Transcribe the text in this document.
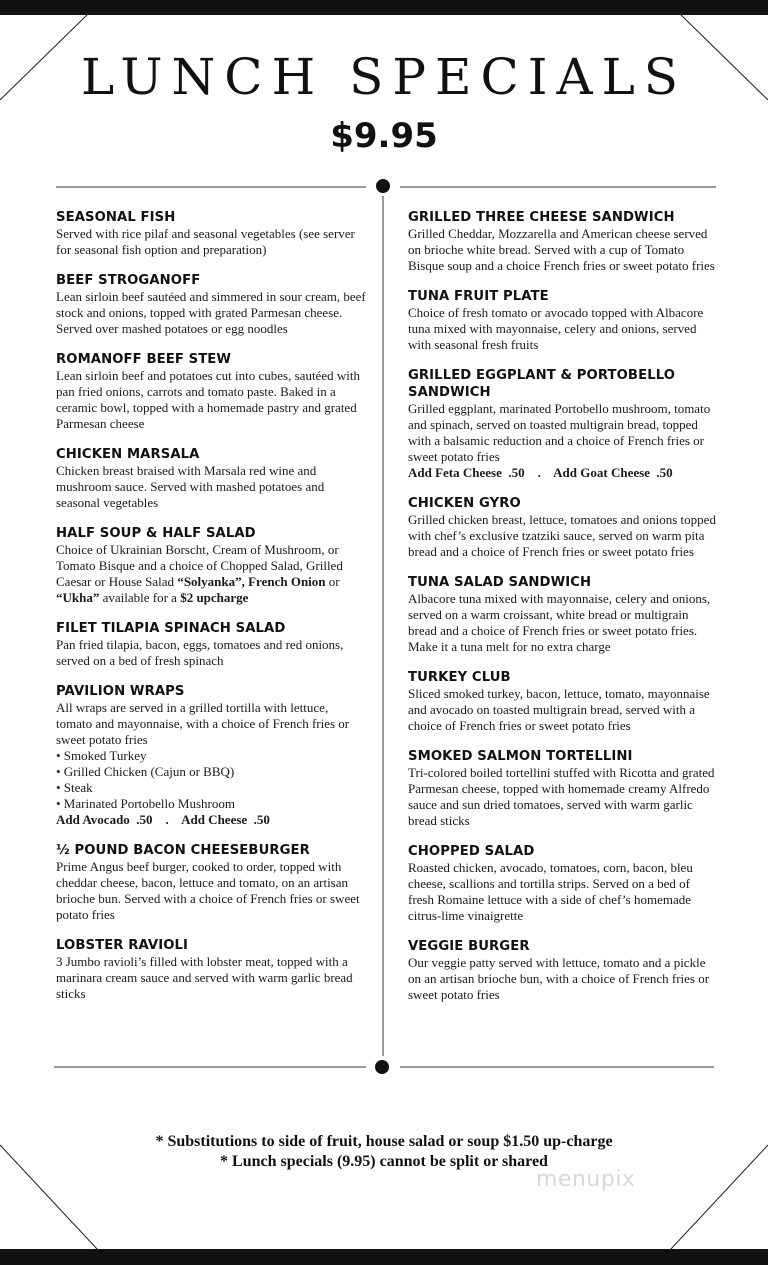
LUNCH SPECIALS
$9.95
SEASONAL FISH
Served with rice pilaf and seasonal vegetables (see server for seasonal fish option and preparation)
BEEF STROGANOFF
Lean sirloin beef sautéed and simmered in sour cream, beef stock and onions, topped with grated Parmesan cheese. Served over mashed potatoes or egg noodles
ROMANOFF BEEF STEW
Lean sirloin beef and potatoes cut into cubes, sautéed with pan fried onions, carrots and tomato paste. Baked in a ceramic bowl, topped with a homemade pastry and grated Parmesan cheese
CHICKEN MARSALA
Chicken breast braised with Marsala red wine and mushroom sauce. Served with mashed potatoes and seasonal vegetables
HALF SOUP & HALF SALAD
Choice of Ukrainian Borscht, Cream of Mushroom, or Tomato Bisque and a choice of Chopped Salad, Grilled Caesar or House Salad “Solyanka”, French Onion or “Ukha” available for a $2 upcharge
FILET TILAPIA SPINACH SALAD
Pan fried tilapia, bacon, eggs, tomatoes and red onions, served on a bed of fresh spinach
PAVILION WRAPS
All wraps are served in a grilled tortilla with lettuce, tomato and mayonnaise, with a choice of French fries or sweet potato fries
• Smoked Turkey
• Grilled Chicken (Cajun or BBQ)
• Steak
• Marinated Portobello Mushroom
Add Avocado  .50    .    Add Cheese  .50
½ POUND BACON CHEESEBURGER
Prime Angus beef burger, cooked to order, topped with cheddar cheese, bacon, lettuce and tomato, on an artisan brioche bun. Served with a choice of French fries or sweet potato fries
LOBSTER RAVIOLI
3 Jumbo ravioli’s filled with lobster meat, topped with a marinara cream sauce and served with warm garlic bread sticks
GRILLED THREE CHEESE SANDWICH
Grilled Cheddar, Mozzarella and American cheese served on brioche white bread. Served with a cup of Tomato Bisque soup and a choice French fries or sweet potato fries
TUNA FRUIT PLATE
Choice of fresh tomato or avocado topped with Albacore tuna mixed with mayonnaise, celery and onions, served with seasonal fresh fruits
GRILLED EGGPLANT & PORTOBELLO SANDWICH
Grilled eggplant, marinated Portobello mushroom, tomato and spinach, served on toasted multigrain bread, topped with a balsamic reduction and a choice of French fries or sweet potato fries
Add Feta Cheese  .50    .    Add Goat Cheese  .50
CHICKEN GYRO
Grilled chicken breast, lettuce, tomatoes and onions topped with chef’s exclusive tzatziki sauce, served on warm pita bread and a choice of French fries or sweet potato fries
TUNA SALAD SANDWICH
Albacore tuna mixed with mayonnaise, celery and onions, served on a warm croissant, white bread or multigrain bread and a choice of French fries or sweet potato fries. Make it a tuna melt for no extra charge
TURKEY CLUB
Sliced smoked turkey, bacon, lettuce, tomato, mayonnaise and avocado on toasted multigrain bread, served with a choice of French fries or sweet potato fries
SMOKED SALMON TORTELLINI
Tri-colored boiled tortellini stuffed with Ricotta and grated Parmesan cheese, topped with homemade creamy Alfredo sauce and sun dried tomatoes, served with warm garlic bread sticks
CHOPPED SALAD
Roasted chicken, avocado, tomatoes, corn, bacon, bleu cheese, scallions and tortilla strips. Served on a bed of fresh Romaine lettuce with a side of chef’s homemade citrus-lime vinaigrette
VEGGIE BURGER
Our veggie patty served with lettuce, tomato and a pickle on an artisan brioche bun, with a choice of French fries or sweet potato fries
* Substitutions to side of fruit, house salad or soup $1.50 up-charge
* Lunch specials (9.95) cannot be split or shared
menupix
